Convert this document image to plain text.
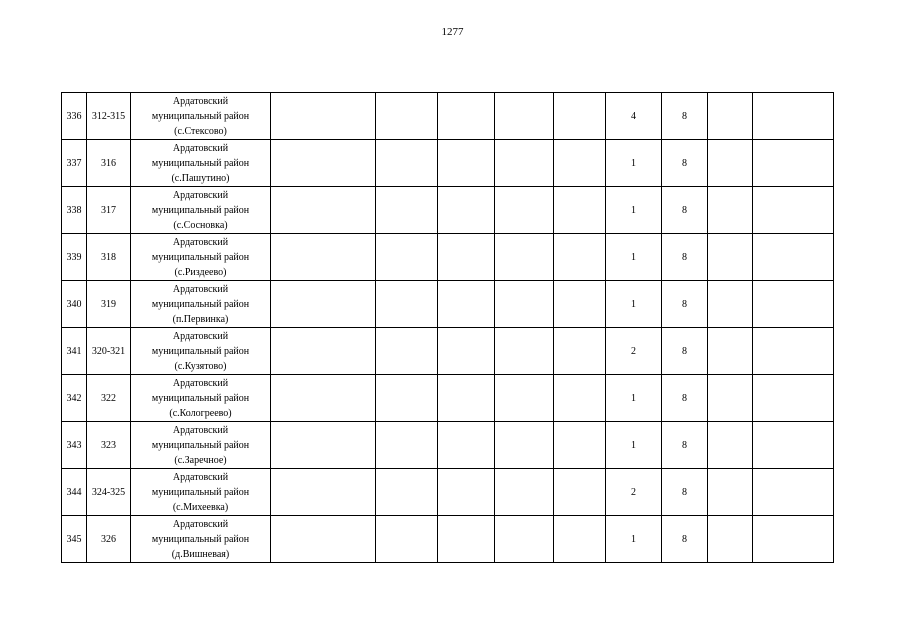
1277
336	312-315	Ардатовский
муниципальный район
(с.Стексово)						4	8		
337	316	Ардатовский
муниципальный район
(с.Пашутино)						1	8		
338	317	Ардатовский
муниципальный район
(с.Сосновка)						1	8		
339	318	Ардатовский
муниципальный район
(с.Риздеево)						1	8		
340	319	Ардатовский
муниципальный район
(п.Первинка)						1	8		
341	320-321	Ардатовский
муниципальный район
(с.Кузятово)						2	8		
342	322	Ардатовский
муниципальный район
(с.Кологреево)						1	8		
343	323	Ардатовский
муниципальный район
(с.Заречное)						1	8		
344	324-325	Ардатовский
муниципальный район
(с.Михеевка)						2	8		
345	326	Ардатовский
муниципальный район
(д.Вишневая)						1	8		
